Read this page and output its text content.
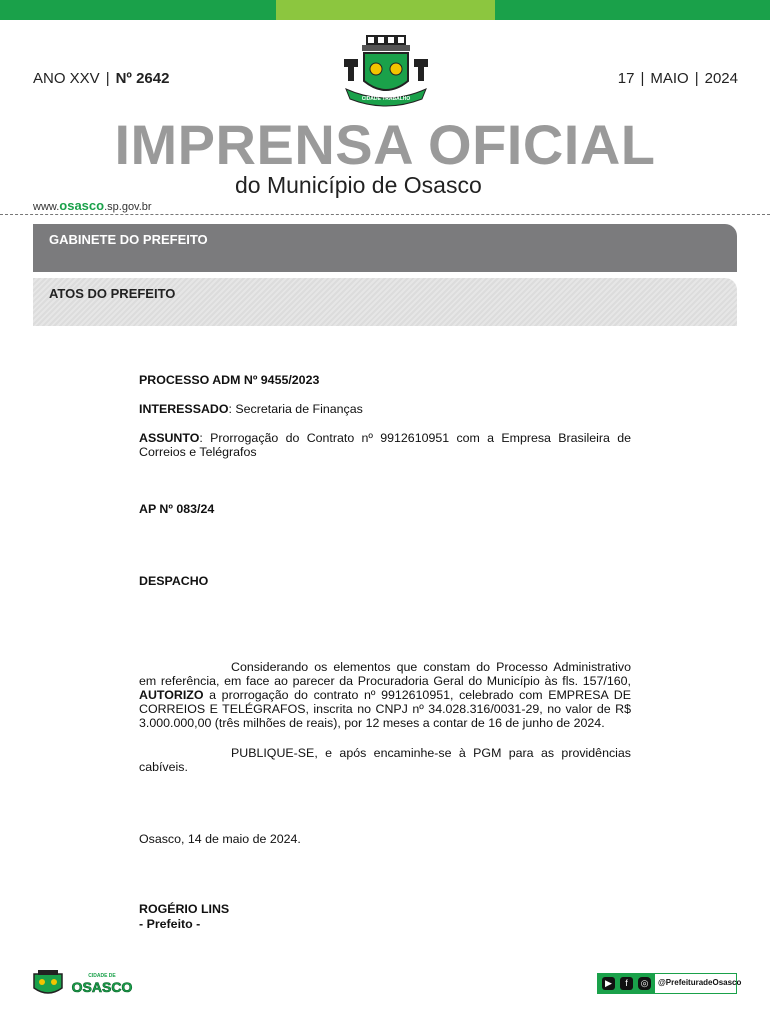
ANO XXV | Nº 2642	17 | MAIO | 2024
CIDADE TRABALHO
IMPRENSA OFICIAL
do Município de Osasco
www.osasco.sp.gov.br
GABINETE DO PREFEITO
ATOS DO PREFEITO
PROCESSO ADM Nº 9455/2023
INTERESSADO: Secretaria de Finanças
ASSUNTO: Prorrogação do Contrato nº 9912610951 com a Empresa Brasileira de Correios e Telégrafos
AP Nº 083/24
DESPACHO
Considerando os elementos que constam do Processo Administrativo em referência, em face ao parecer da Procuradoria Geral do Município às fls. 157/160, AUTORIZO a prorrogação do contrato nº 9912610951, celebrado com EMPRESA DE CORREIOS E TELÉGRAFOS, inscrita no CNPJ nº 34.028.316/0031-29, no valor de R$ 3.000.000,00 (três milhões de reais), por 12 meses a contar de 16 de junho de 2024.
PUBLIQUE-SE, e após encaminhe-se à PGM para as providências cabíveis.
Osasco, 14 de maio de 2024.
ROGÉRIO LINS
- Prefeito -
CIDADE DE
OSASCO	▶	f	◎	@PrefeituradeOsasco
